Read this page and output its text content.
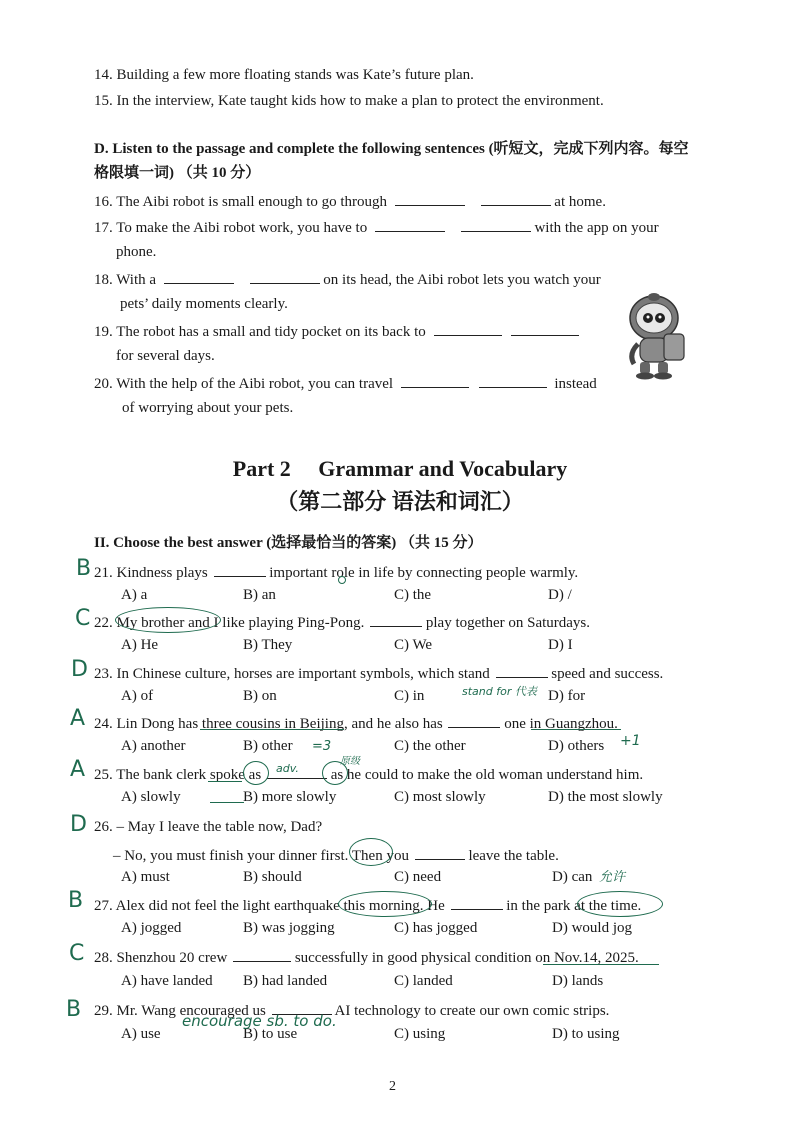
14. Building a few more floating stands was Kate’s future plan.
15. In the interview, Kate taught kids how to make a plan to protect the environment.
D. Listen to the passage and complete the following sentences (听短文，完成下列内容。每空
格限填一词) （共 10 分）
16. The Aibi robot is small enough to go through	at home.
17. To make the Aibi robot work, you have to	with the app on your
phone.
18. With a	on its head, the Aibi robot lets you watch your
pets’ daily moments clearly.
19. The robot has a small and tidy pocket on its back to
for several days.
20. With the help of the Aibi robot, you can travel	instead
of worrying about your pets.
Part 2　 Grammar and Vocabulary
（第二部分 语法和词汇）
II. Choose the best answer (选择最恰当的答案) （共 15 分）
21. Kindness plays	important role in life by connecting people warmly.
A) a	B) an	C) the	D) /
22. My brother and I like playing Ping-Pong.	play together on Saturdays.
A) He	B) They	C) We	D) I
23. In Chinese culture, horses are important symbols, which stand	speed and success.
A) of	B) on	C) in	D) for
24. Lin Dong has three cousins in Beijing, and he also has	one in Guangzhou.
A) another	B) other	C) the other	D) others
25. The bank clerk spoke as	as he could to make the old woman understand him.
A) slowly	B) more slowly	C) most slowly	D) the most slowly
26. – May I leave the table now, Dad?
– No, you must finish your dinner first. Then you	leave the table.
A) must	B) should	C) need	D) can
27. Alex did not feel the light earthquake this morning. He	in the park at the time.
A) jogged	B) was jogging	C) has jogged	D) would jog
28. Shenzhou 20 crew	successfully in good physical condition on Nov.14, 2025.
A) have landed B) had landed	C) landed	D) lands
29. Mr. Wang encouraged us	AI technology to create our own comic strips.
A) use	B) to use	C) using	D) to using
2
B
C
D
A
A
D
B
C
B
stand for 代表
=3	+1
adv.
原级
允许
encourage sb. to do.
